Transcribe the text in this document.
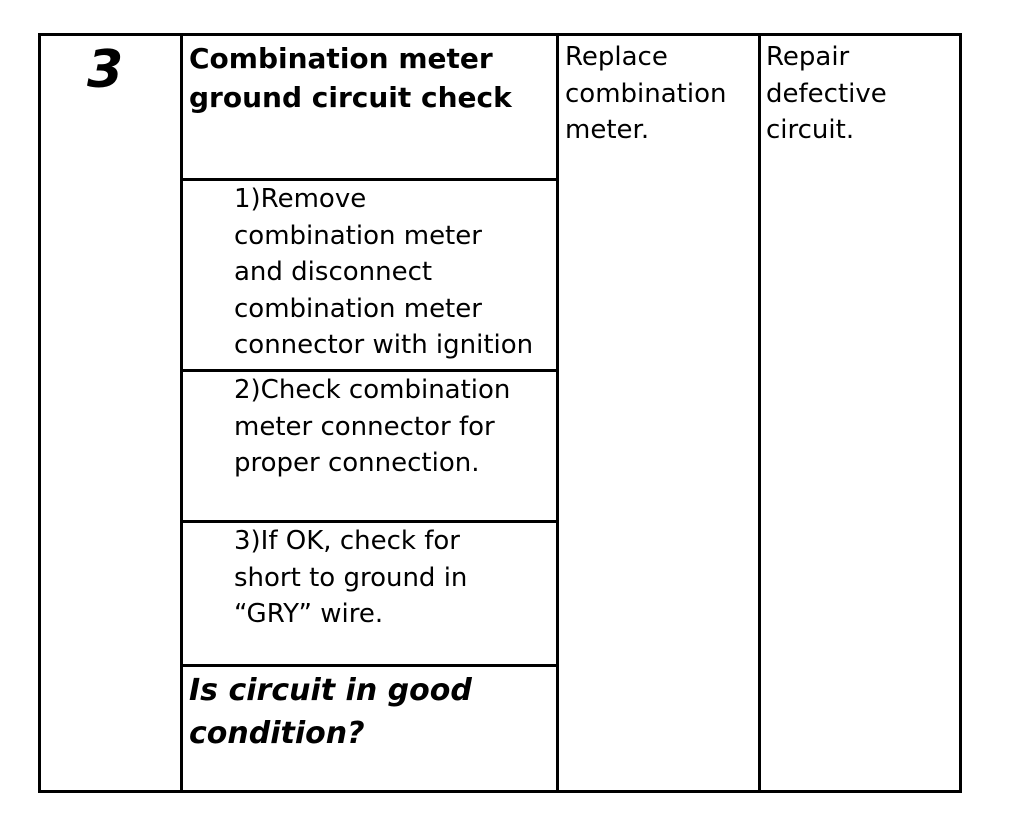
3 Combination meter
ground circuit check
1)Remove
combination meter
and disconnect
combination meter
connector with ignition
2)Check combination
meter connector for
proper connection.
3)If OK, check for
short to ground in
“GRY” wire.
Is circuit in good
condition?
Replace
combination
meter.
Repair
defective
circuit.
